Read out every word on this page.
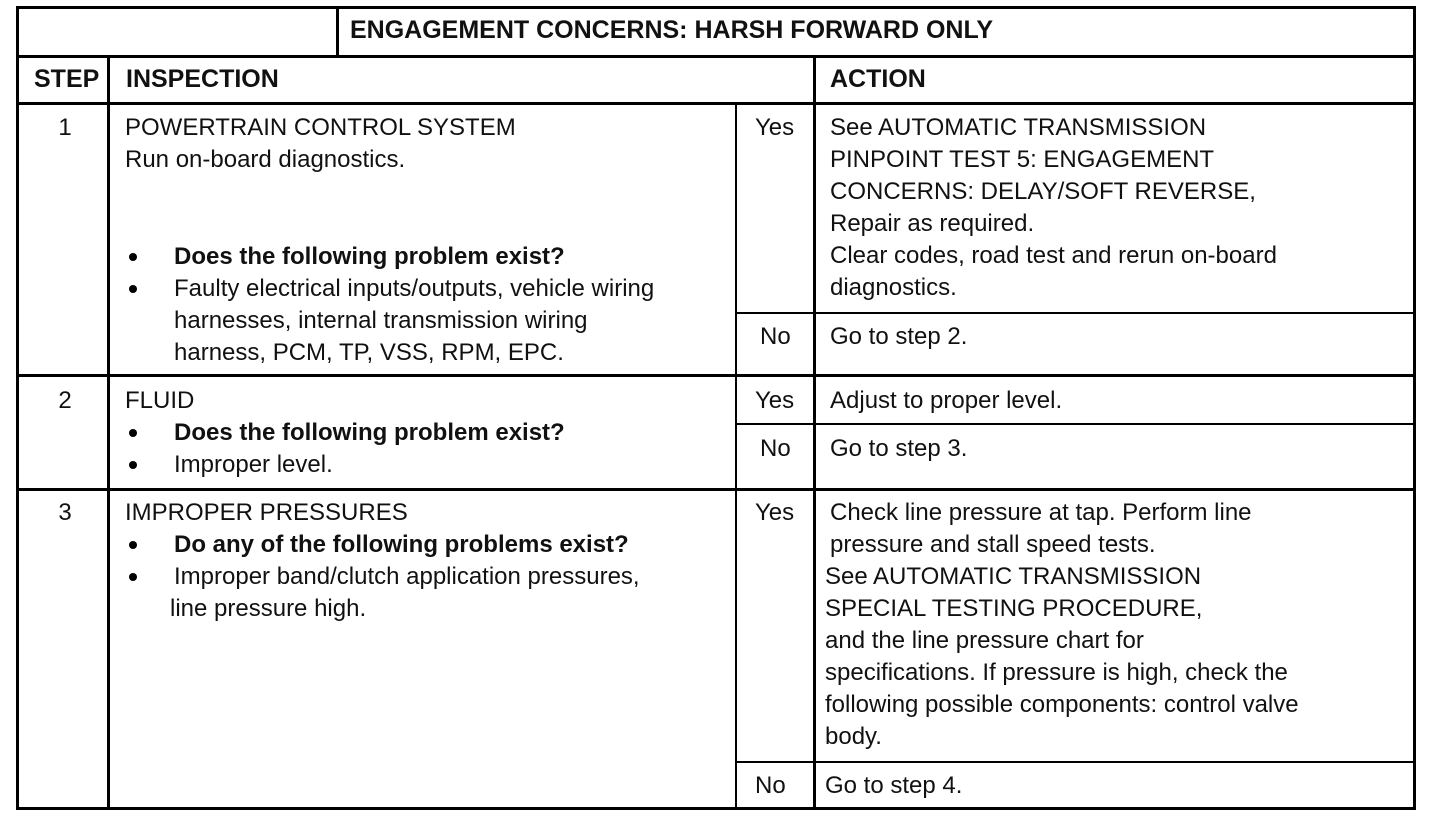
ENGAGEMENT CONCERNS: HARSH FORWARD ONLY
STEP INSPECTION	ACTION
1 POWERTRAIN CONTROL SYSTEM
Run on-board diagnostics.
Does the following problem exist?
Faulty electrical inputs/outputs, vehicle wiring
harnesses, internal transmission wiring
harness, PCM, TP, VSS, RPM, EPC.
Yes See AUTOMATIC TRANSMISSION
PINPOINT TEST 5: ENGAGEMENT
CONCERNS: DELAY/SOFT REVERSE,
Repair as required.
Clear codes, road test and rerun on-board
diagnostics.
No Go to step 2.
2 FLUID
Does the following problem exist?
Improper level.
Yes Adjust to proper level.
No Go to step 3.
3 IMPROPER PRESSURES
Do any of the following problems exist?
Improper band/clutch application pressures,
line pressure high.
Yes Check line pressure at tap. Perform line
pressure and stall speed tests.
See AUTOMATIC TRANSMISSION
SPECIAL TESTING PROCEDURE,
and the line pressure chart for
specifications. If pressure is high, check the
following possible components: control valve
body.
No Go to step 4.
